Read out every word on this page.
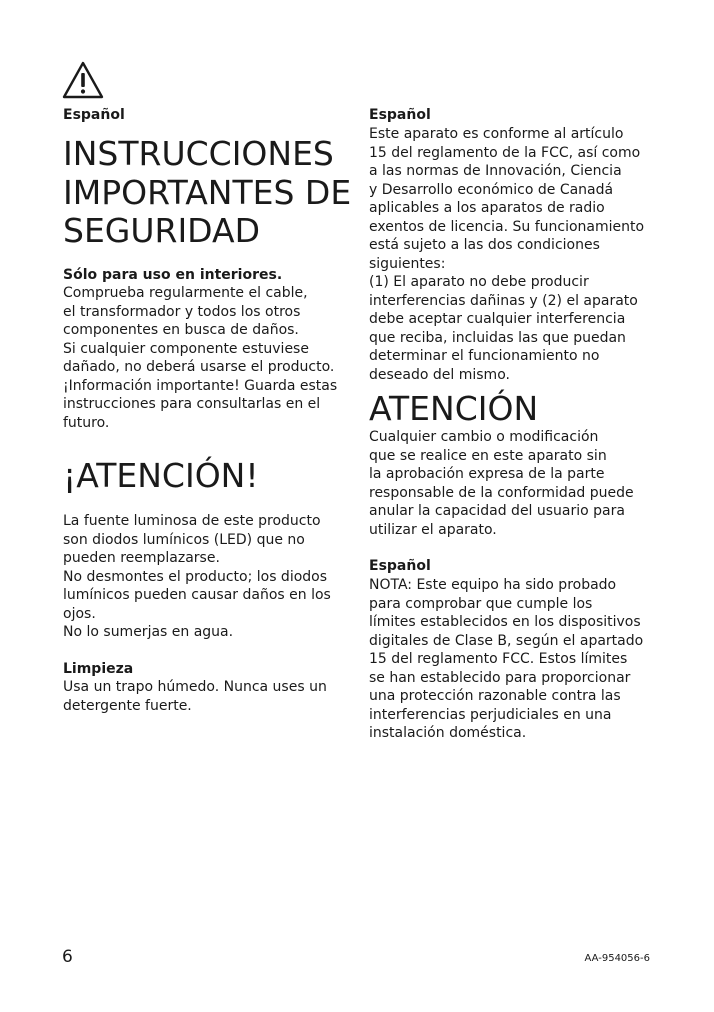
Español

INSTRUCCIONES
IMPORTANTES DE
SEGURIDAD

Sólo para uso en interiores.

Comprueba regularmente el cable,
el transformador y todos los otros
componentes en busca de daños.
Si cualquier componente estuviese
dañado, no deberá usarse el producto.
¡Información importante! Guarda estas
instrucciones para consultarlas en el
futuro.

¡ATENCIÓN!

La fuente luminosa de este producto
son diodos lumínicos (LED) que no
pueden reemplazarse.
No desmontes el producto; los diodos
lumínicos pueden causar daños en los
ojos.
No lo sumerjas en agua.

Limpieza

Usa un trapo húmedo. Nunca uses un
detergente fuerte.

Español

Este aparato es conforme al artículo
15 del reglamento de la FCC, así como
a las normas de Innovación, Ciencia
y Desarrollo económico de Canadá
aplicables a los aparatos de radio
exentos de licencia. Su funcionamiento
está sujeto a las dos condiciones
siguientes:
(1) El aparato no debe producir
interferencias dañinas y (2) el aparato
debe aceptar cualquier interferencia
que reciba, incluidas las que puedan
determinar el funcionamiento no
deseado del mismo.

ATENCIÓN

Cualquier cambio o modificación
que se realice en este aparato sin
la aprobación expresa de la parte
responsable de la conformidad puede
anular la capacidad del usuario para
utilizar el aparato.

Español

NOTA: Este equipo ha sido probado
para comprobar que cumple los
límites establecidos en los dispositivos
digitales de Clase B, según el apartado
15 del reglamento FCC. Estos límites
se han establecido para proporcionar
una protección razonable contra las
interferencias perjudiciales en una
instalación doméstica.

6	AA-954056-6
